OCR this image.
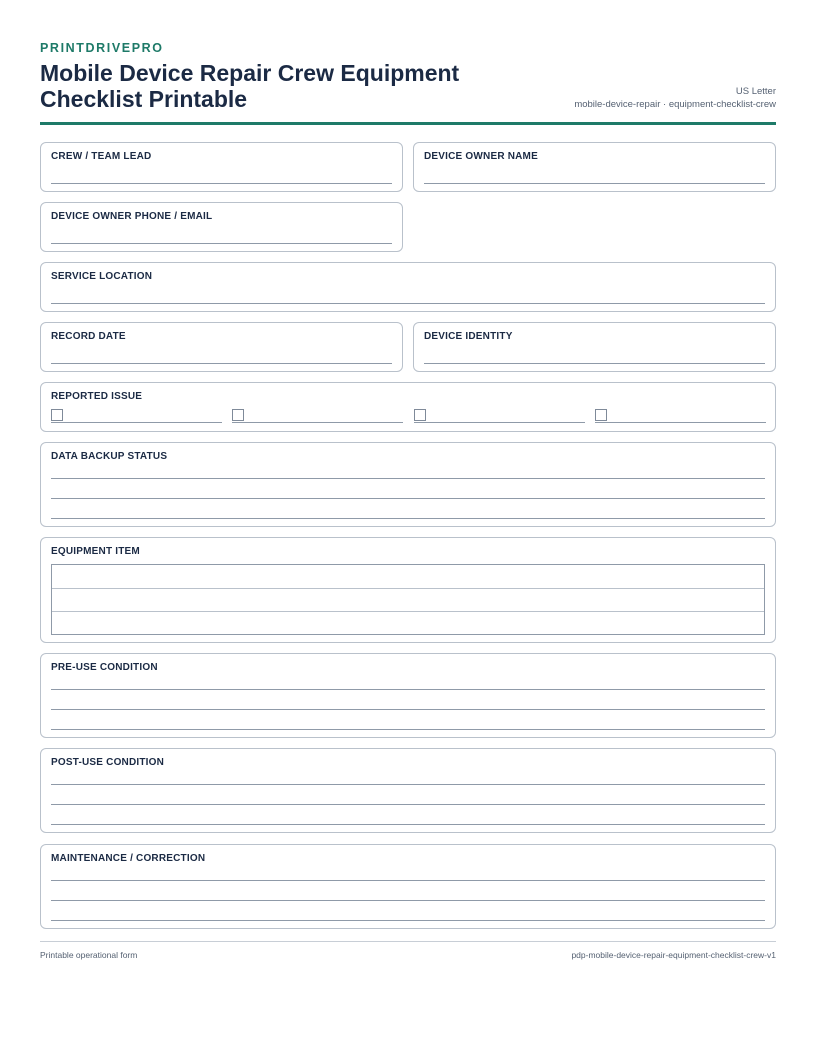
PRINTDRIVEPRO
Mobile Device Repair Crew Equipment Checklist Printable	US Letter
mobile-device-repair · equipment-checklist-crew
CREW / TEAM LEAD	DEVICE OWNER NAME
DEVICE OWNER PHONE / EMAIL
SERVICE LOCATION
RECORD DATE	DEVICE IDENTITY
REPORTED ISSUE
DATA BACKUP STATUS
EQUIPMENT ITEM
PRE-USE CONDITION
POST-USE CONDITION
MAINTENANCE / CORRECTION
Printable operational form	pdp-mobile-device-repair-equipment-checklist-crew-v1
